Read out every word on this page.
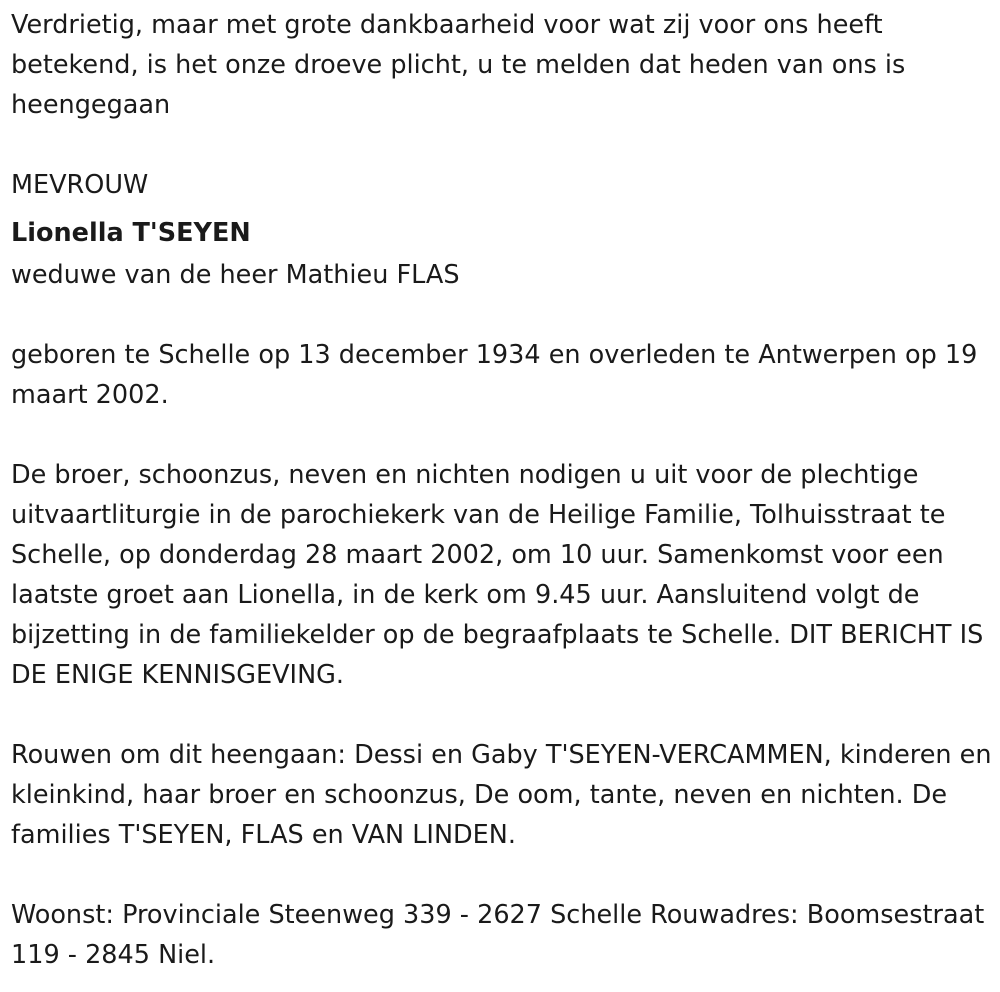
Verdrietig, maar met grote dankbaarheid voor wat zij voor ons heeft betekend, is het onze droeve plicht, u te melden dat heden van ons is heengegaan

MEVROUW

Lionella T'SEYEN

weduwe van de heer Mathieu FLAS

geboren te Schelle op 13 december 1934 en overleden te Antwerpen op 19 maart 2002.

De broer, schoonzus, neven en nichten nodigen u uit voor de plechtige uitvaartliturgie in de parochiekerk van de Heilige Familie, Tolhuisstraat te Schelle, op donderdag 28 maart 2002, om 10 uur. Samenkomst voor een laatste groet aan Lionella, in de kerk om 9.45 uur. Aansluitend volgt de bijzetting in de familiekelder op de begraafplaats te Schelle. DIT BERICHT IS DE ENIGE KENNISGEVING.

Rouwen om dit heengaan: Dessi en Gaby T'SEYEN-VERCAMMEN, kinderen en kleinkind, haar broer en schoonzus, De oom, tante, neven en nichten. De families T'SEYEN, FLAS en VAN LINDEN.

Woonst: Provinciale Steenweg 339 - 2627 Schelle Rouwadres: Boomsestraat 119 - 2845 Niel.
